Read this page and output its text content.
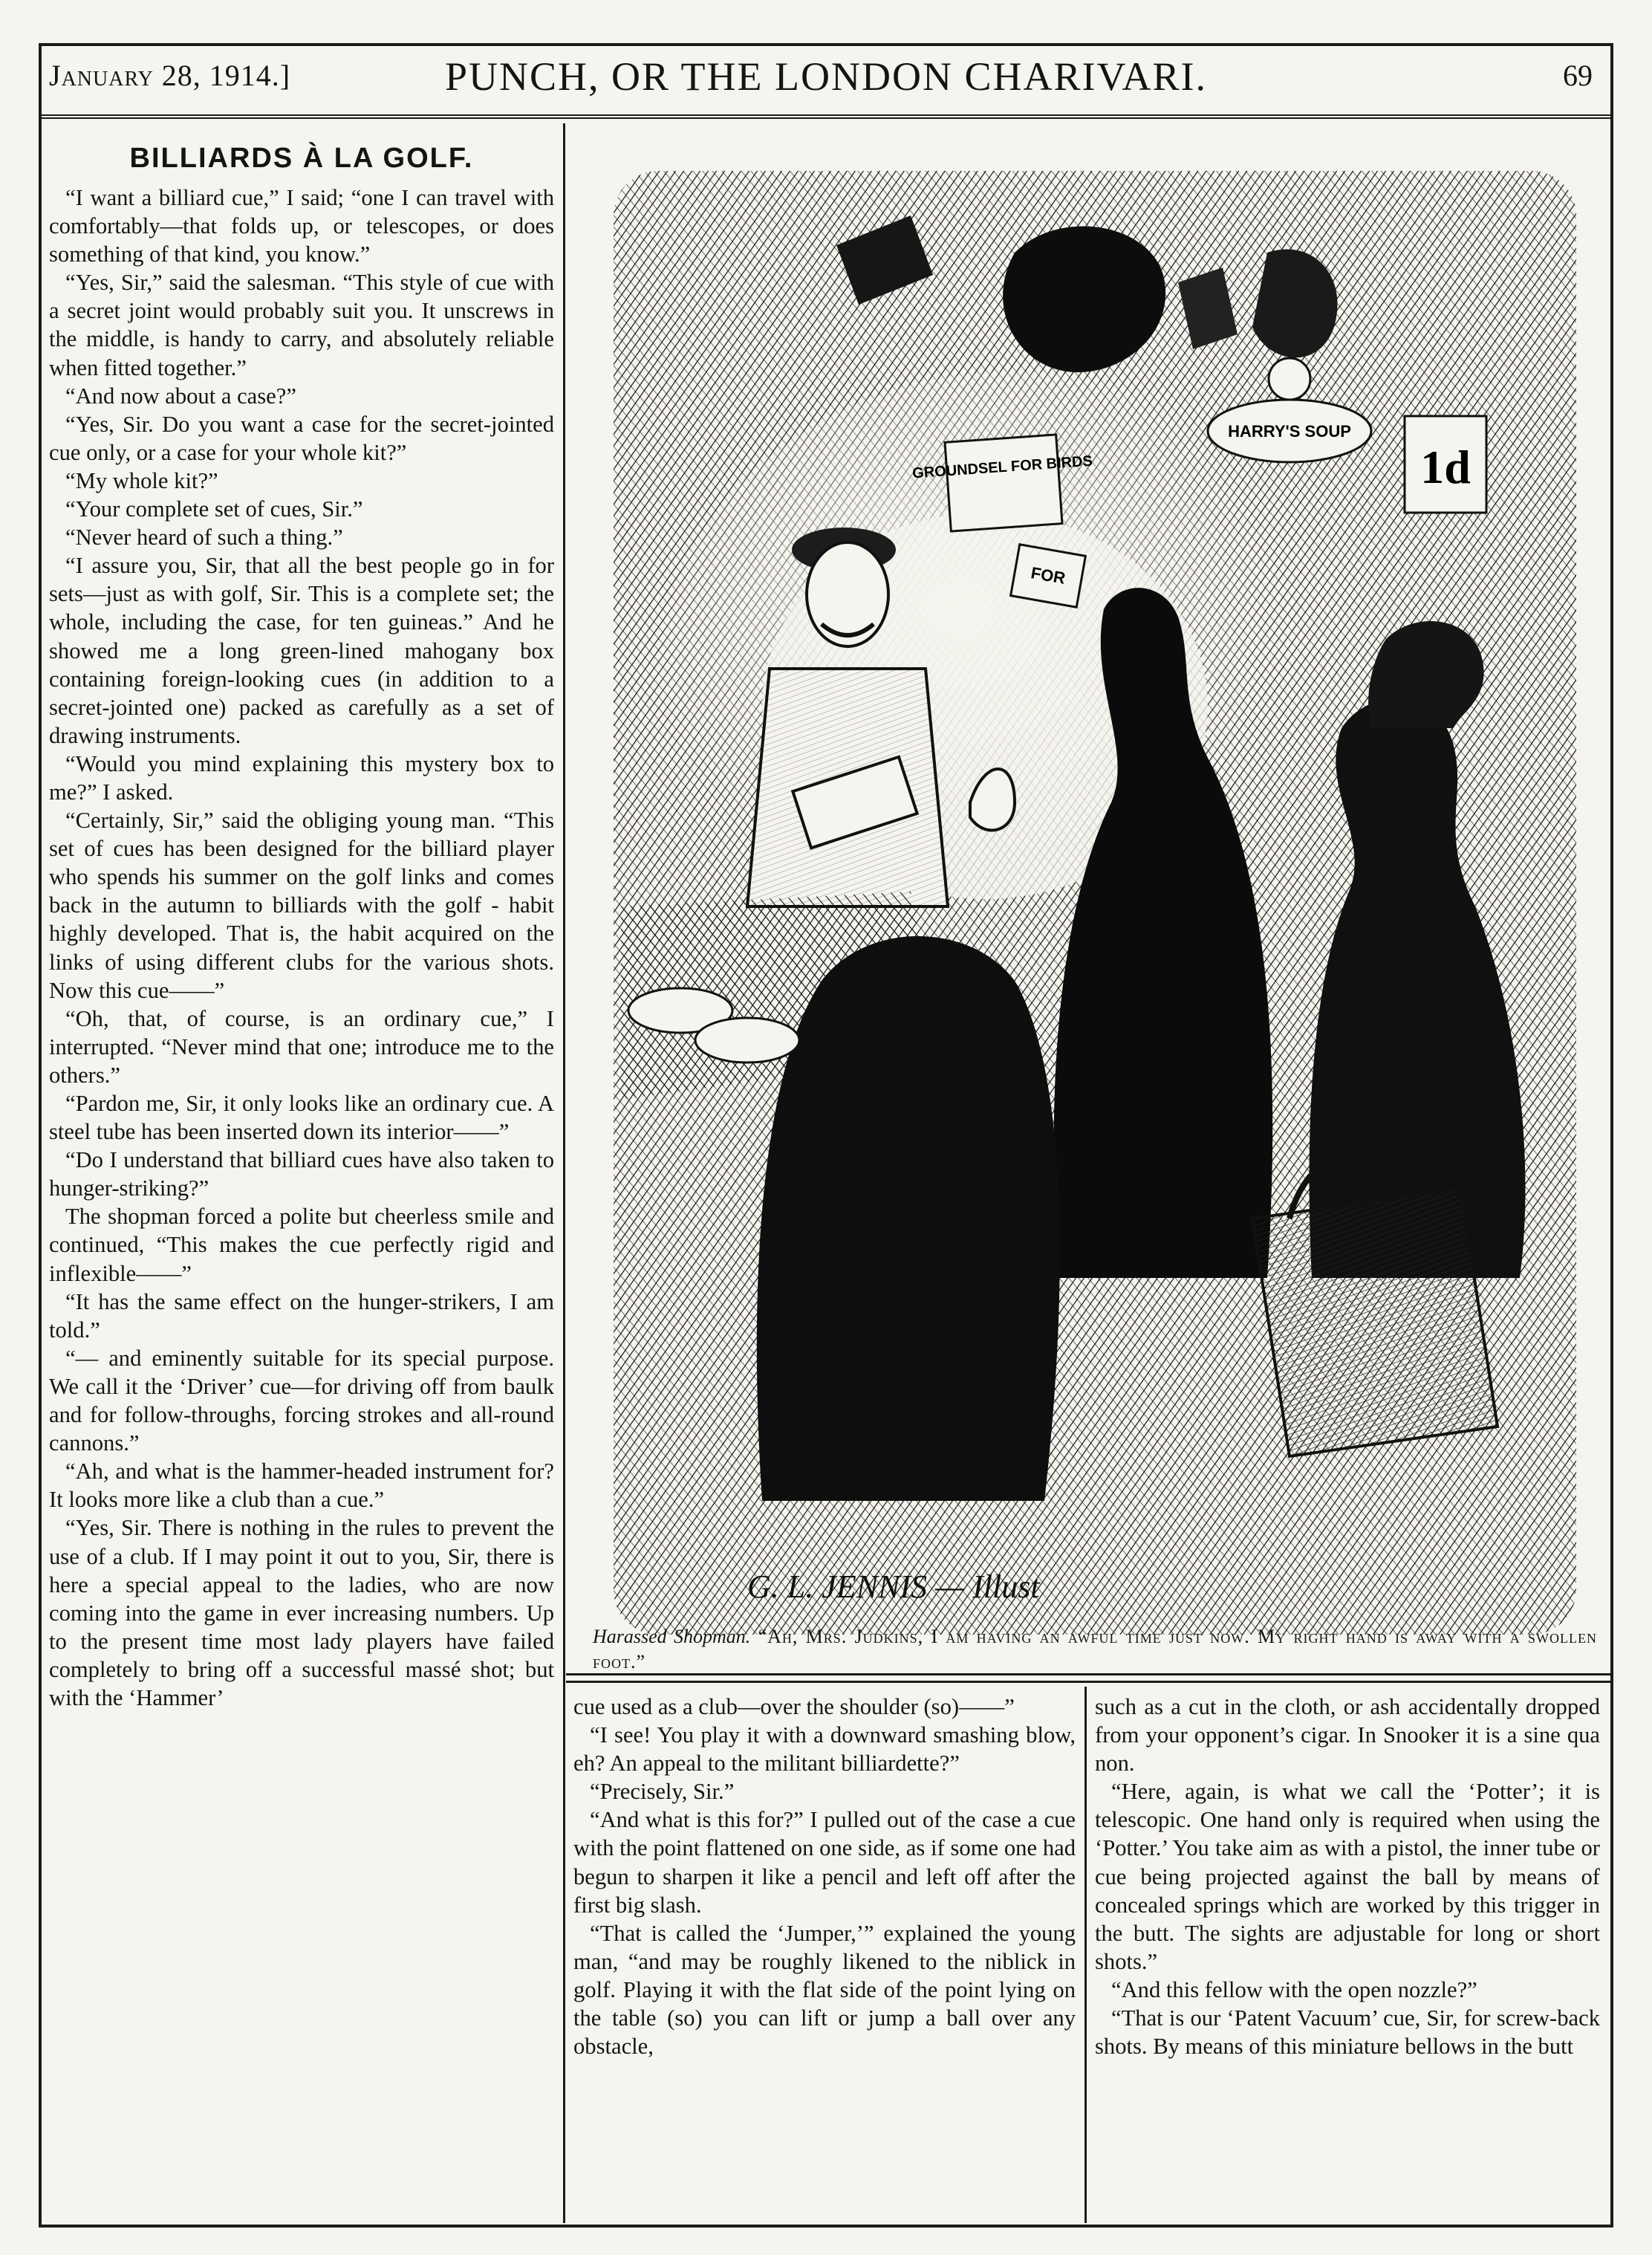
January 28, 1914.]	PUNCH, OR THE LONDON CHARIVARI.	69
BILLIARDS À LA GOLF.

“I want a billiard cue,” I said; “one I can travel with comfortably—that folds up, or telescopes, or does something of that kind, you know.”

“Yes, Sir,” said the salesman. “This style of cue with a secret joint would probably suit you. It unscrews in the middle, is handy to carry, and absolutely reliable when fitted together.”

“And now about a case?”

“Yes, Sir. Do you want a case for the secret-jointed cue only, or a case for your whole kit?”

“My whole kit?”

“Your complete set of cues, Sir.”

“Never heard of such a thing.”

“I assure you, Sir, that all the best people go in for sets—just as with golf, Sir. This is a complete set; the whole, including the case, for ten guineas.” And he showed me a long green-lined mahogany box containing foreign-looking cues (in addition to a secret-jointed one) packed as carefully as a set of drawing instruments.

“Would you mind explaining this mystery box to me?” I asked.

“Certainly, Sir,” said the obliging young man. “This set of cues has been designed for the billiard player who spends his summer on the golf links and comes back in the autumn to billiards with the golf - habit highly developed. That is, the habit acquired on the links of using different clubs for the various shots. Now this cue——”

“Oh, that, of course, is an ordinary cue,” I interrupted. “Never mind that one; introduce me to the others.”

“Pardon me, Sir, it only looks like an ordinary cue. A steel tube has been inserted down its interior——”

“Do I understand that billiard cues have also taken to hunger-striking?”

The shopman forced a polite but cheerless smile and continued, “This makes the cue perfectly rigid and inflexible——”

“It has the same effect on the hunger-strikers, I am told.”

“— and eminently suitable for its special purpose. We call it the ‘Driver’ cue—for driving off from baulk and for follow-throughs, forcing strokes and all-round cannons.”

“Ah, and what is the hammer-headed instrument for? It looks more like a club than a cue.”

“Yes, Sir. There is nothing in the rules to prevent the use of a club. If I may point it out to you, Sir, there is here a special appeal to the ladies, who are now coming into the game in ever increasing numbers. Up to the present time most lady players have failed completely to bring off a successful massé shot; but with the ‘Hammer’

GROUNDSEL FOR BIRDS
FOR
HARRY'S SOUP
1d
G. L. JENNIS — Illust
Harassed Shopman. “Ah, Mrs. Judkins, I am having an awful time just now. My right hand is away with a swollen foot.”

cue used as a club—over the shoulder (so)——”

“I see! You play it with a downward smashing blow, eh? An appeal to the militant billiardette?”

“Precisely, Sir.”

“And what is this for?” I pulled out of the case a cue with the point flattened on one side, as if some one had begun to sharpen it like a pencil and left off after the first big slash.

“That is called the ‘Jumper,’” explained the young man, “and may be roughly likened to the niblick in golf. Playing it with the flat side of the point lying on the table (so) you can lift or jump a ball over any obstacle,

such as a cut in the cloth, or ash accidentally dropped from your opponent’s cigar. In Snooker it is a sine qua non.

“Here, again, is what we call the ‘Potter’; it is telescopic. One hand only is required when using the ‘Potter.’ You take aim as with a pistol, the inner tube or cue being projected against the ball by means of concealed springs which are worked by this trigger in the butt. The sights are adjustable for long or short shots.”

“And this fellow with the open nozzle?”

“That is our ‘Patent Vacuum’ cue, Sir, for screw-back shots. By means of this miniature bellows in the butt
